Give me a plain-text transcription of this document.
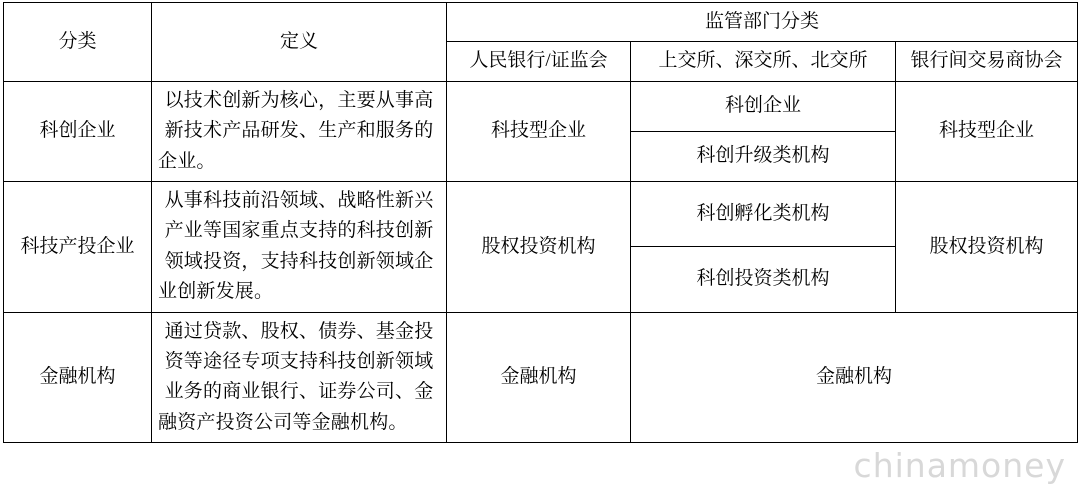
分类	定义	监管部门分类		
		人民银行/证监会	上交所、深交所、北交所	银行间交易商协会
科创企业	以技术创新为核心，主要从事高新技术产品研发、生产和服务的企业。	科技型企业	科创企业	科技型企业
			科创升级类机构	
科技产投企业	从事科技前沿领域、战略性新兴产业等国家重点支持的科技创新领域投资，支持科技创新领域企业创新发展。	股权投资机构	科创孵化类机构	股权投资机构
			科创投资类机构	
金融机构	通过贷款、股权、债券、基金投资等途径专项支持科技创新领域业务的商业银行、证券公司、金融资产投资公司等金融机构。	金融机构	金融机构	
chinamoney
